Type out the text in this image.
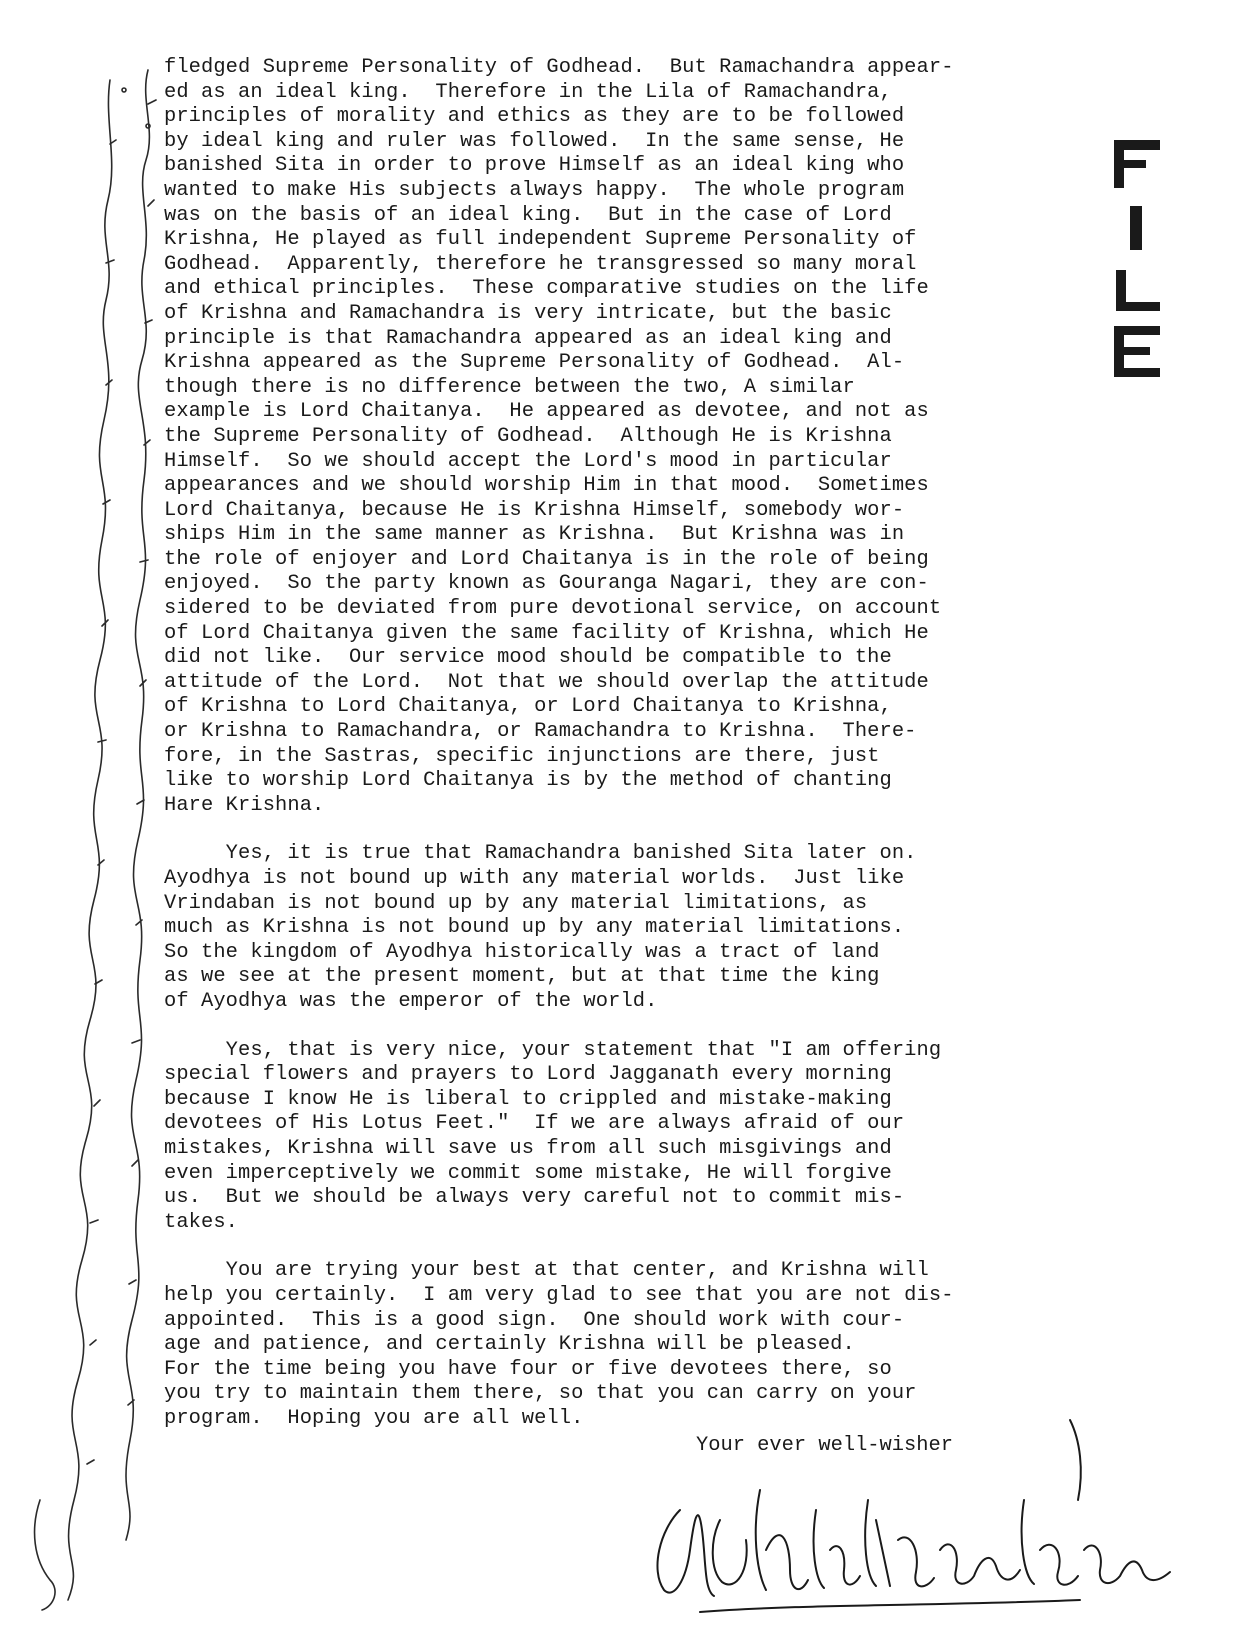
fledged Supreme Personality of Godhead.  But Ramachandra appear-
ed as an ideal king.  Therefore in the Lila of Ramachandra,
principles of morality and ethics as they are to be followed
by ideal king and ruler was followed.  In the same sense, He
banished Sita in order to prove Himself as an ideal king who
wanted to make His subjects always happy.  The whole program
was on the basis of an ideal king.  But in the case of Lord
Krishna, He played as full independent Supreme Personality of
Godhead.  Apparently, therefore he transgressed so many moral
and ethical principles.  These comparative studies on the life
of Krishna and Ramachandra is very intricate, but the basic
principle is that Ramachandra appeared as an ideal king and
Krishna appeared as the Supreme Personality of Godhead.  Al-
though there is no difference between the two, A similar
example is Lord Chaitanya.  He appeared as devotee, and not as
the Supreme Personality of Godhead.  Although He is Krishna
Himself.  So we should accept the Lord's mood in particular
appearances and we should worship Him in that mood.  Sometimes
Lord Chaitanya, because He is Krishna Himself, somebody wor-
ships Him in the same manner as Krishna.  But Krishna was in
the role of enjoyer and Lord Chaitanya is in the role of being
enjoyed.  So the party known as Gouranga Nagari, they are con-
sidered to be deviated from pure devotional service, on account
of Lord Chaitanya given the same facility of Krishna, which He
did not like.  Our service mood should be compatible to the
attitude of the Lord.  Not that we should overlap the attitude
of Krishna to Lord Chaitanya, or Lord Chaitanya to Krishna,
or Krishna to Ramachandra, or Ramachandra to Krishna.  There-
fore, in the Sastras, specific injunctions are there, just
like to worship Lord Chaitanya is by the method of chanting
Hare Krishna.
Yes, it is true that Ramachandra banished Sita later on.
Ayodhya is not bound up with any material worlds.  Just like
Vrindaban is not bound up by any material limitations, as
much as Krishna is not bound up by any material limitations.
So the kingdom of Ayodhya historically was a tract of land
as we see at the present moment, but at that time the king
of Ayodhya was the emperor of the world.
Yes, that is very nice, your statement that "I am offering
special flowers and prayers to Lord Jagganath every morning
because I know He is liberal to crippled and mistake-making
devotees of His Lotus Feet."  If we are always afraid of our
mistakes, Krishna will save us from all such misgivings and
even imperceptively we commit some mistake, He will forgive
us.  But we should be always very careful not to commit mis-
takes.
You are trying your best at that center, and Krishna will
help you certainly.  I am very glad to see that you are not dis-
appointed.  This is a good sign.  One should work with cour-
age and patience, and certainly Krishna will be pleased.
For the time being you have four or five devotees there, so
you try to maintain them there, so that you can carry on your
program.  Hoping you are all well.
Your ever well-wisher
